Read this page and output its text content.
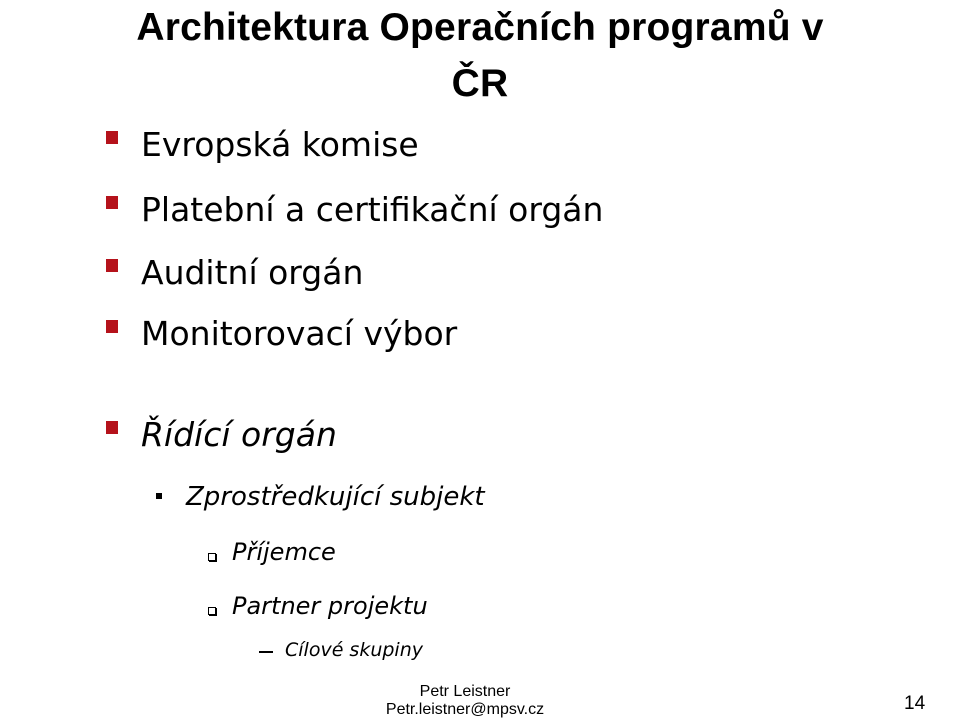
Architektura Operačních programů v
ČR
Evropská komise
Platební a certifikační orgán
Auditní orgán
Monitorovací výbor
Řídící orgán
Zprostředkující subjekt
Příjemce
Partner projektu
Cílové skupiny
Petr Leistner
Petr.leistner@mpsv.cz	14
